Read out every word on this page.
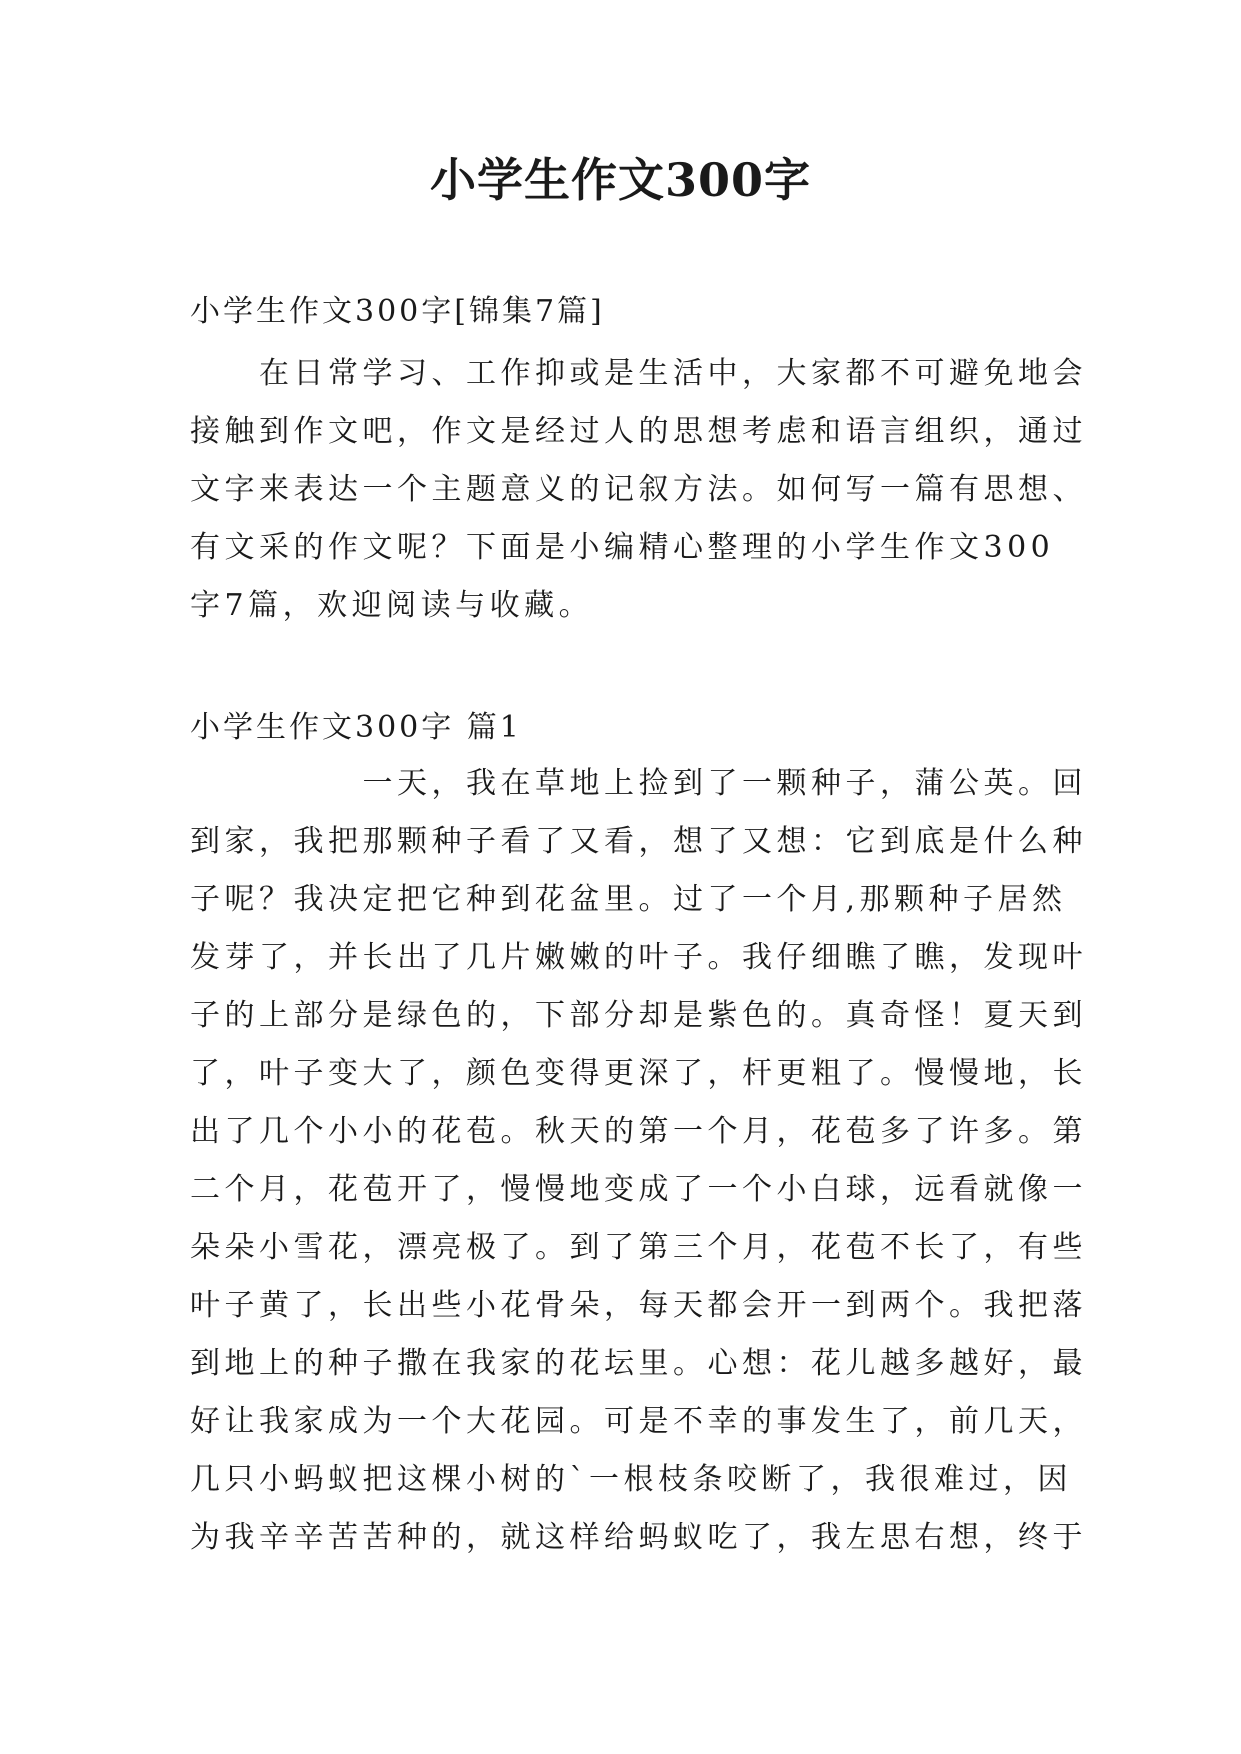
小学生作文300字
小学生作文300字[锦集7篇]
　　在日常学习、工作抑或是生活中，大家都不可避免地会
接触到作文吧，作文是经过人的思想考虑和语言组织，通过
文字来表达一个主题意义的记叙方法。如何写一篇有思想、
有文采的作文呢？下面是小编精心整理的小学生作文300
字7篇，欢迎阅读与收藏。
小学生作文300字 篇1
　　　　　一天，我在草地上捡到了一颗种子，蒲公英。回
到家，我把那颗种子看了又看，想了又想：它到底是什么种
子呢？我决定把它种到花盆里。过了一个月,那颗种子居然
发芽了，并长出了几片嫩嫩的叶子。我仔细瞧了瞧，发现叶
子的上部分是绿色的，下部分却是紫色的。真奇怪！夏天到
了，叶子变大了，颜色变得更深了，杆更粗了。慢慢地，长
出了几个小小的花苞。秋天的第一个月，花苞多了许多。第
二个月，花苞开了，慢慢地变成了一个小白球，远看就像一
朵朵小雪花，漂亮极了。到了第三个月，花苞不长了，有些
叶子黄了，长出些小花骨朵，每天都会开一到两个。我把落
到地上的种子撒在我家的花坛里。心想：花儿越多越好，最
好让我家成为一个大花园。可是不幸的事发生了，前几天，
几只小蚂蚁把这棵小树的`一根枝条咬断了，我很难过，因
为我辛辛苦苦种的，就这样给蚂蚁吃了，我左思右想，终于
